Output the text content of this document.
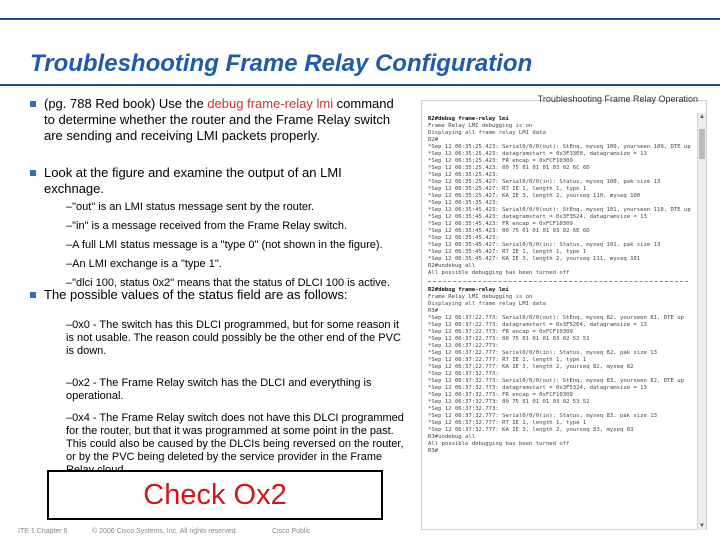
Troubleshooting Frame Relay Configuration
(pg. 788 Red book) Use the debug frame-relay lmi command to determine whether the router and the Frame Relay switch are sending and receiving LMI packets properly.
Look at the figure and examine the output of an LMI exchnage.
–"out" is an LMI status message sent by the router.
–"in" is a message received from the Frame Relay switch.
–A full LMI status message is a "type 0" (not shown in the figure).
–An LMI exchange is a "type 1".
–"dlci 100, status 0x2" means that the status of DLCI 100 is active.
The possible values of the status field are as follows:
–0x0 - The switch has this DLCI programmed, but for some reason it is not usable. The reason could possibly be the other end of the PVC is down.
–0x2 - The Frame Relay switch has the DLCI and everything is operational.
–0x4 - The Frame Relay switch does not have this DLCI programmed for the router, but that it was programmed at some point in the past. This could also be caused by the DLCIs being reversed on the router, or by the PVC being deleted by the service provider in the Frame
Check Ox2
Troubleshooting Frame Relay Operation
R2#debug frame-relay lmi
Frame Relay LMI debugging is on
Displaying all frame relay LMI data
R2#
*Sep 12 06:35:25.423: Serial0/0/0(out): StEnq, myseq 100, yourseen 109, DTE up
*Sep 12 06:35:25.423: datagramstart = 0x3F33E0, datagramsize = 13
*Sep 12 06:35:25.423: FR encap = 0xFCF10309
*Sep 12 06:35:25.423: 00 75 01 01 01 03 02 6C 6D
*Sep 12 06:35:25.423:
*Sep 12 06:35:25.427: Serial0/0/0(in): Status, myseq 100, pak size 13
*Sep 12 06:35:25.427: RT IE 1, length 1, type 1
*Sep 12 06:35:25.427: KA IE 3, length 2, yourseq 110, myseq 100
*Sep 12 06:35:35.423:
*Sep 12 06:35:45.423: Serial0/0/0(out): StEnq, myseq 101, yourseen 110, DTE up
*Sep 12 06:35:45.423: datagramstart = 0x3F3524, datagramsize = 13
*Sep 12 06:35:45.423: FR encap = 0xFCF10309
*Sep 12 06:35:45.423: 00 75 01 01 01 03 02 6E 6D
*Sep 12 06:35:45.423:
*Sep 12 06:35:45.427: Serial0/0/0(in): Status, myseq 101, pak size 13
*Sep 12 06:35:45.427: RT IE 1, length 1, type 1
*Sep 12 06:35:45.427: KA IE 3, length 2, yourseq 111, myseq 101
R2#undebug all
All possible debugging has been turned off
R2#debug frame-relay lmi
Frame Relay LMI debugging is on
Displaying all frame relay LMI data
R3#
*Sep 12 06:37:22.773: Serial0/0/0(out): StEnq, myseq 82, yourseen 81, DTE up
*Sep 12 06:37:22.773: datagramstart = 0x3F52E4, datagramsize = 13
*Sep 12 06:37:22.773: FR encap = 0xFCF10309
*Sep 12 06:37:22.773: 00 75 01 01 01 03 02 52 51
*Sep 12 06:37:22.773:
*Sep 12 06:37:22.777: Serial0/0/0(in): Status, myseq 82, pak size 13
*Sep 12 06:37:22.777: RT IE 1, length 1, type 1
*Sep 12 06:37:22.777: KA IE 3, length 2, yourseq 82, myseq 82
*Sep 12 06:37:32.773:
*Sep 12 06:37:32.773: Serial0/0/0(out): StEnq, myseq 83, yourseen 82, DTE up
*Sep 12 06:37:32.773: datagramstart = 0x3F5324, datagramsize = 13
*Sep 12 06:37:32.773: FR encap = 0xFCF10309
*Sep 12 06:37:32.773: 00 75 01 01 01 03 02 53 52
*Sep 12 06:37:32.773:
*Sep 12 06:37:32.777: Serial0/0/0(in): Status, myseq 83, pak size 13
*Sep 12 06:37:32.777: RT IE 1, length 1, type 1
*Sep 12 06:37:32.777: KA IE 3, length 2, yourseq 83, myseq 83
R3#undebug all
All possible debugging has been turned off
R3#
▲
▼
ITE 1 Chapter 6	© 2006 Cisco Systems, Inc. All rights reserved.	Cisco Public
